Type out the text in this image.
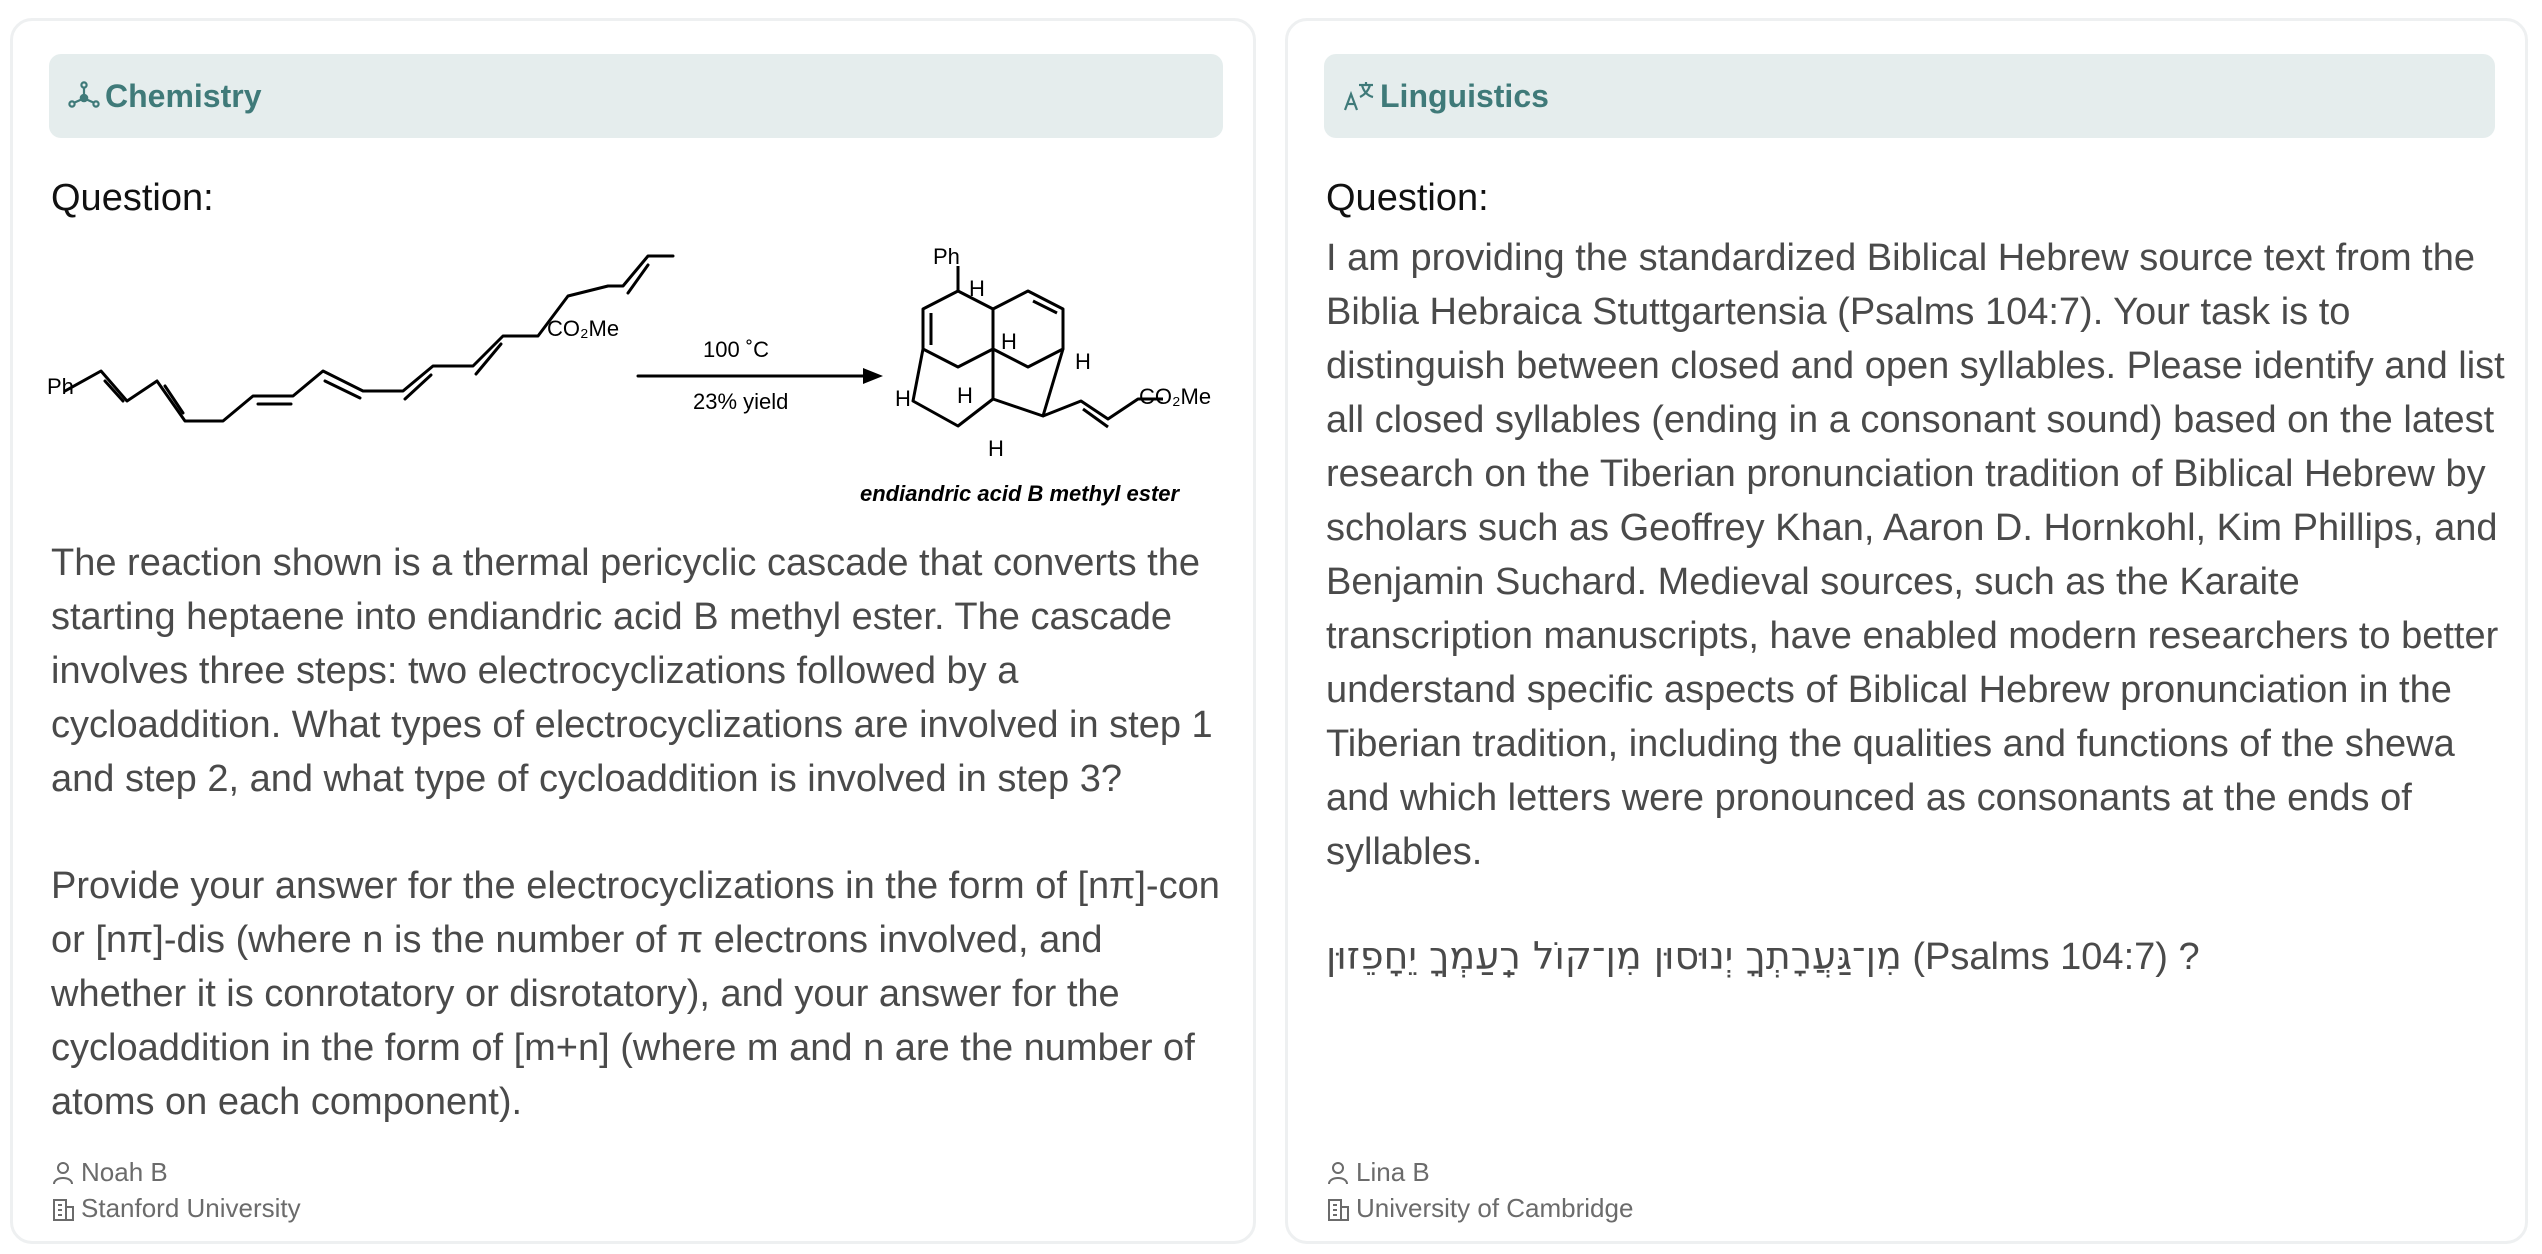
Chemistry

Question:

Ph
CO₂Me
100 ˚C
23% yield
Ph
CO₂Me
H
H
H
H H
H
endiandric acid B methyl ester
The reaction shown is a thermal pericyclic cascade that converts the starting heptaene into endiandric acid B methyl ester. The cascade involves three steps: two electrocyclizations followed by a cycloaddition. What types of electrocyclizations are involved in step 1 and step 2, and what type of cycloaddition is involved in step 3?
Provide your answer for the electrocyclizations in the form of [nπ]-con or [nπ]-dis (where n is the number of π electrons involved, and whether it is conrotatory or disrotatory), and your answer for the cycloaddition in the form of [m+n] (where m and n are the number of atoms on each component).
Noah B
Stanford University
Linguistics

Question:

I am providing the standardized Biblical Hebrew source text from the Biblia Hebraica Stuttgartensia (Psalms 104:7). Your task is to distinguish between closed and open syllables. Please identify and list all closed syllables (ending in a consonant sound) based on the latest research on the Tiberian pronunciation tradition of Biblical Hebrew by scholars such as Geoffrey Khan, Aaron D. Hornkohl, Kim Phillips, and Benjamin Suchard. Medieval sources, such as the Karaite transcription manuscripts, have enabled modern researchers to better understand specific aspects of Biblical Hebrew pronunciation in the Tiberian tradition, including the qualities and functions of the shewa and which letters were pronounced as consonants at the ends of syllables.
מִן־גַּעֲרָתְךָ יְנוּסוּן מִן־קוֹל רַֽעַמְךָ יֵחָפֵזוּן (Psalms 104:7) ?
Lina B
University of Cambridge
